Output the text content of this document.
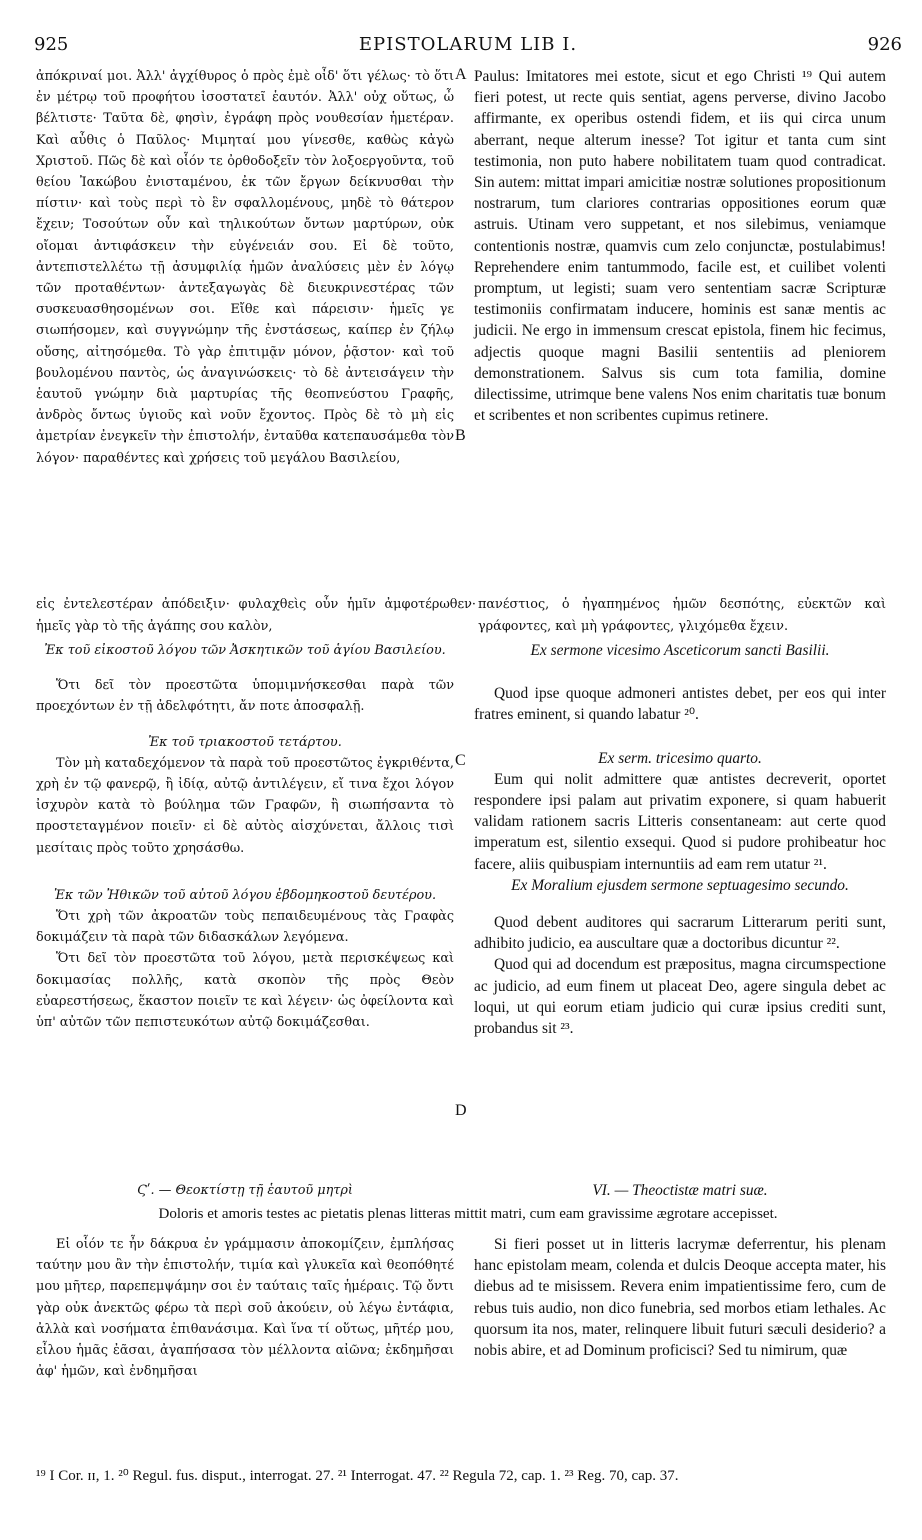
925	EPISTOLARUM LIB I.	926

ἀπόκριναί μοι. Ἀλλ' ἀγχίθυρος ὁ πρὸς ἐμὲ οἶδ' ὅτι γέλως· τὸ ὅτι ἐν μέτρῳ τοῦ προφήτου ἰσοστατεῖ ἑαυτόν. Ἀλλ' οὐχ οὕτως, ὦ βέλτιστε· Ταῦτα δὲ, φησὶν, ἐγράφη πρὸς νουθεσίαν ἡμετέραν. Καὶ αὖθις ὁ Παῦλος· Μιμηταί μου γίνεσθε, καθὼς κἀγὼ Χριστοῦ. Πῶς δὲ καὶ οἷόν τε ὀρθοδοξεῖν τὸν λοξοεργοῦντα, τοῦ θείου Ἰακώβου ἐνισταμένου, ἐκ τῶν ἔργων δείκνυσθαι τὴν πίστιν· καὶ τοὺς περὶ τὸ ἓν σφαλλομένους, μηδὲ τὸ θάτερον ἔχειν; Τοσούτων οὖν καὶ τηλικούτων ὄντων μαρτύρων, οὐκ οἴομαι ἀντιφάσκειν τὴν εὐγένειάν σου. Εἰ δὲ τοῦτο, ἀντεπιστελλέτω τῇ ἀσυμφιλίᾳ ἡμῶν ἀναλύσεις μὲν ἐν λόγῳ τῶν προταθέντων· ἀντεξαγωγὰς δὲ διευκρινεστέρας τῶν συσκευασθησομένων σοι. Εἴθε καὶ πάρεισιν· ἡμεῖς γε σιωπήσομεν, καὶ συγγνώμην τῆς ἐνστάσεως, καίπερ ἐν ζήλῳ οὔσης, αἰτησόμεθα. Τὸ γὰρ ἐπιτιμᾷν μόνον, ῥᾷστον· καὶ τοῦ βουλομένου παντὸς, ὡς ἀναγινώσκεις· τὸ δὲ ἀντεισάγειν τὴν ἑαυτοῦ γνώμην διὰ μαρτυρίας τῆς θεοπνεύστου Γραφῆς, ἀνδρὸς ὄντως ὑγιοῦς καὶ νοῦν ἔχοντος. Πρὸς δὲ τὸ μὴ εἰς ἀμετρίαν ἐνεγκεῖν τὴν ἐπιστολήν, ἐνταῦθα κατεπαυσάμεθα τὸν λόγον· παραθέντες καὶ χρήσεις τοῦ μεγάλου Βασιλείου,

Paulus: Imitatores mei estote, sicut et ego Christi ¹⁹ Qui autem fieri potest, ut recte quis sentiat, agens perverse, divino Jacobo affirmante, ex operibus ostendi fidem, et iis qui circa unum aberrant, neque alterum inesse? Tot igitur et tanta cum sint testimonia, non puto habere nobilitatem tuam quod contradicat. Sin autem: mittat impari amicitiæ nostræ solutiones propositionum nostrarum, tum clariores contrarias oppositiones eorum quæ astruis. Utinam vero suppetant, et nos silebimus, veniamque contentionis nostræ, quamvis cum zelo conjunctæ, postulabimus! Reprehendere enim tantummodo, facile est, et cuilibet volenti promptum, ut legisti; suam vero sententiam sacræ Scripturæ testimoniis confirmatam inducere, hominis est sanæ mentis ac judicii. Ne ergo in immensum crescat epistola, finem hic fecimus, adjectis quoque magni Basilii sententiis ad pleniorem demonstrationem. Salvus sis cum tota familia, domine dilectissime, utrimque bene valens Nos enim charitatis tuæ bonum et scribentes et non scribentes cupimus retinere.

A
B

εἰς ἐντελεστέραν ἀπόδειξιν· φυλαχθεὶς οὖν ἡμῖν ἀμφοτέρωθεν· ἡμεῖς γὰρ τὸ τῆς ἀγάπης σου καλὸν,

πανέστιος, ὁ ἠγαπημένος ἡμῶν δεσπότης, εὐεκτῶν καὶ γράφοντες, καὶ μὴ γράφοντες, γλιχόμεθα ἔχειν.

Ἐκ τοῦ εἰκοστοῦ λόγου τῶν Ἀσκητικῶν τοῦ ἁγίου Βασιλείου.

Ὅτι δεῖ τὸν προεστῶτα ὑπομιμνήσκεσθαι παρὰ τῶν προεχόντων ἐν τῇ ἀδελφότητι, ἄν ποτε ἀποσφαλῇ.

Ἐκ τοῦ τριακοστοῦ τετάρτου.

Τὸν μὴ καταδεχόμενον τὰ παρὰ τοῦ προεστῶτος ἐγκριθέντα, χρὴ ἐν τῷ φανερῷ, ἢ ἰδίᾳ, αὐτῷ ἀντιλέγειν, εἴ τινα ἔχοι λόγον ἰσχυρὸν κατὰ τὸ βούλημα τῶν Γραφῶν, ἢ σιωπήσαντα τὸ προστεταγμένον ποιεῖν· εἰ δὲ αὐτὸς αἰσχύνεται, ἄλλοις τισὶ μεσίταις πρὸς τοῦτο χρησάσθω.

Ἐκ τῶν Ἠθικῶν τοῦ αὐτοῦ λόγου ἑβδομηκοστοῦ δευτέρου.

Ὅτι χρὴ τῶν ἀκροατῶν τοὺς πεπαιδευμένους τὰς Γραφὰς δοκιμάζειν τὰ παρὰ τῶν διδασκάλων λεγόμενα.

Ὅτι δεῖ τὸν προεστῶτα τοῦ λόγου, μετὰ περισκέψεως καὶ δοκιμασίας πολλῆς, κατὰ σκοπὸν τῆς πρὸς Θεὸν εὐαρεστήσεως, ἕκαστον ποιεῖν τε καὶ λέγειν· ὡς ὀφείλοντα καὶ ὑπ' αὐτῶν τῶν πεπιστευκότων αὐτῷ δοκιμάζεσθαι.

Ex sermone vicesimo Asceticorum sancti Basilii.

Quod ipse quoque admoneri antistes debet, per eos qui inter fratres eminent, si quando labatur ²⁰.

Ex serm. tricesimo quarto.

Eum qui nolit admittere quæ antistes decreverit, oportet respondere ipsi palam aut privatim exponere, si quam habuerit validam rationem sacris Litteris consentaneam: aut certe quod imperatum est, silentio exsequi. Quod si pudore prohibeatur hoc facere, aliis quibuspiam internuntiis ad eam rem utatur ²¹.

Ex Moralium ejusdem sermone septuagesimo secundo.

Quod debent auditores qui sacrarum Litterarum periti sunt, adhibito judicio, ea auscultare quæ a doctoribus dicuntur ²².

Quod qui ad docendum est præpositus, magna circumspectione ac judicio, ad eum finem ut placeat Deo, agere singula debet ac loqui, ut qui eorum etiam judicio qui curæ ipsius crediti sunt, probandus sit ²³.

C
D

Ϛʹ. — Θεοκτίστῃ τῇ ἑαυτοῦ μητρὶ	VI. — Theoctistæ matri suæ.

Doloris et amoris testes ac pietatis plenas litteras mittit matri, cum eam gravissime ægrotare accepisset.

Εἰ οἷόν τε ἦν δάκρυα ἐν γράμμασιν ἀποκομίζειν, ἐμπλήσας ταύτην μου ἂν τὴν ἐπιστολήν, τιμία καὶ γλυκεῖα καὶ θεοπόθητέ μου μῆτερ, παρεπεμψάμην σοι ἐν ταύταις ταῖς ἡμέραις. Τῷ ὄντι γὰρ οὐκ ἀνεκτῶς φέρω τὰ περὶ σοῦ ἀκούειν, οὐ λέγω ἐντάφια, ἀλλὰ καὶ νοσήματα ἐπιθανάσιμα. Καὶ ἵνα τί οὕτως, μῆτέρ μου, εἶλου ἡμᾶς ἐᾶσαι, ἀγαπήσασα τὸν μέλλοντα αἰῶνα; ἐκδημῆσαι ἀφ' ἡμῶν, καὶ ἐνδημῆσαι

Si fieri posset ut in litteris lacrymæ deferrentur, his plenam hanc epistolam meam, colenda et dulcis Deoque accepta mater, his diebus ad te misissem. Revera enim impatientissime fero, cum de rebus tuis audio, non dico funebria, sed morbos etiam lethales. Ac quorsum ita nos, mater, relinquere libuit futuri sæculi desiderio? a nobis abire, et ad Dominum proficisci? Sed tu nimirum, quæ

¹⁹ I Cor. ɪɪ, 1. ²⁰ Regul. fus. disput., interrogat. 27. ²¹ Interrogat. 47. ²² Regula 72, cap. 1. ²³ Reg. 70, cap. 37.
